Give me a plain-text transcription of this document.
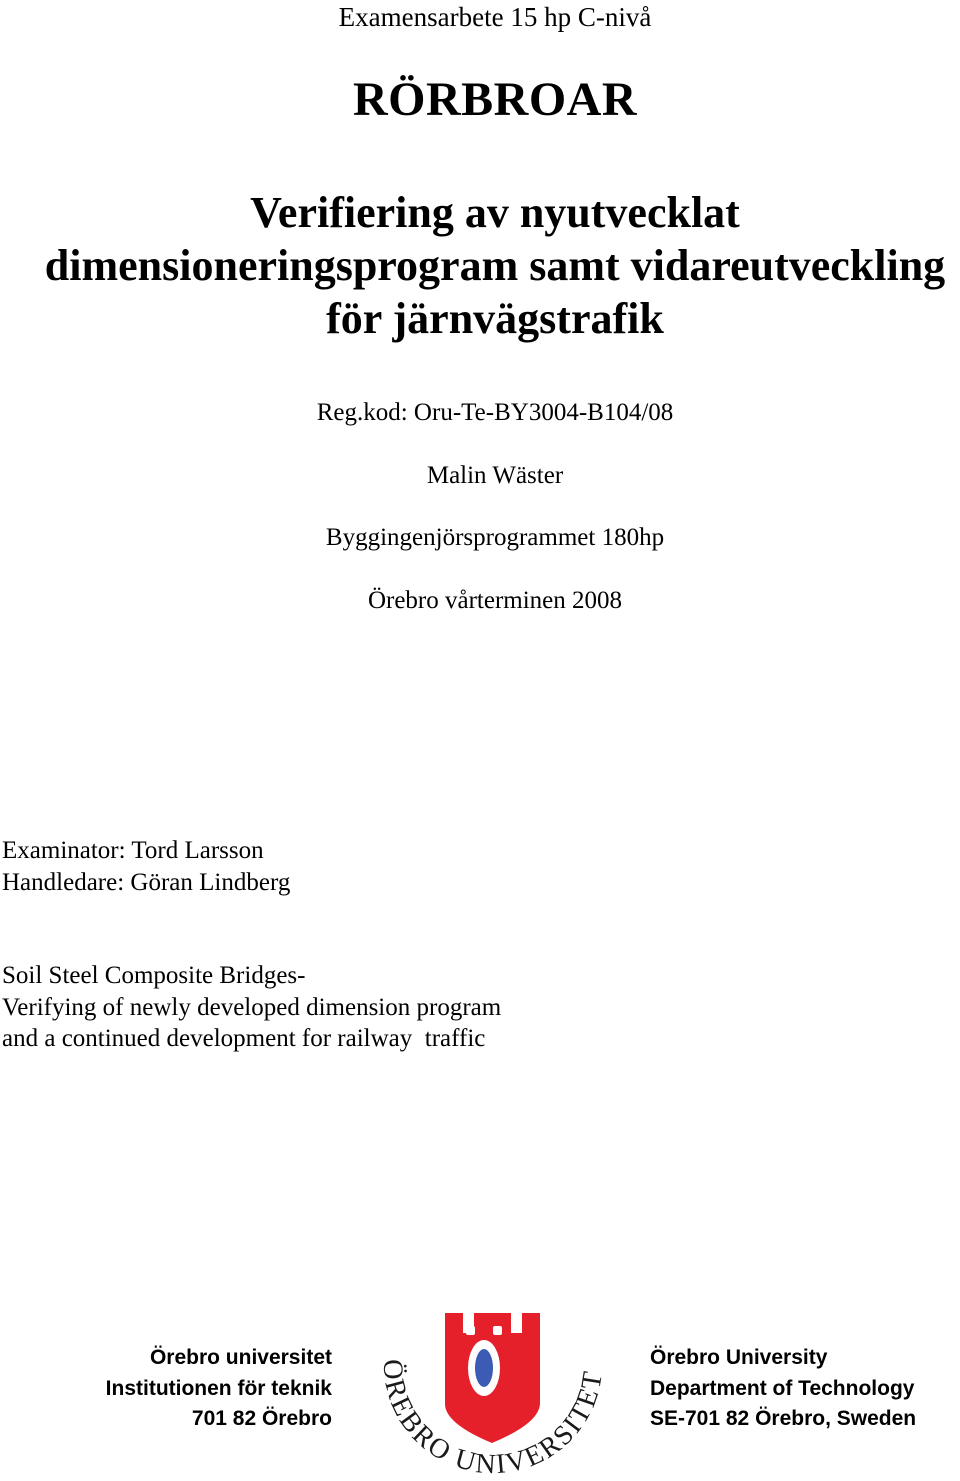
Examensarbete 15 hp C-nivå
RÖRBROAR
Verifiering av nyutvecklat
dimensioneringsprogram samt vidareutveckling
för järnvägstrafik
Reg.kod: Oru-Te-BY3004-B104/08
Malin Wäster
Byggingenjörsprogrammet 180hp
Örebro vårterminen 2008
Examinator: Tord Larsson
Handledare: Göran Lindberg
Soil Steel Composite Bridges-
Verifying of newly developed dimension program
and a continued development for railway  traffic
Örebro universitet
Institutionen för teknik
701 82 Örebro
ÖREBRO UNIVERSITET
Örebro University
Department of Technology
SE-701 82 Örebro, Sweden
